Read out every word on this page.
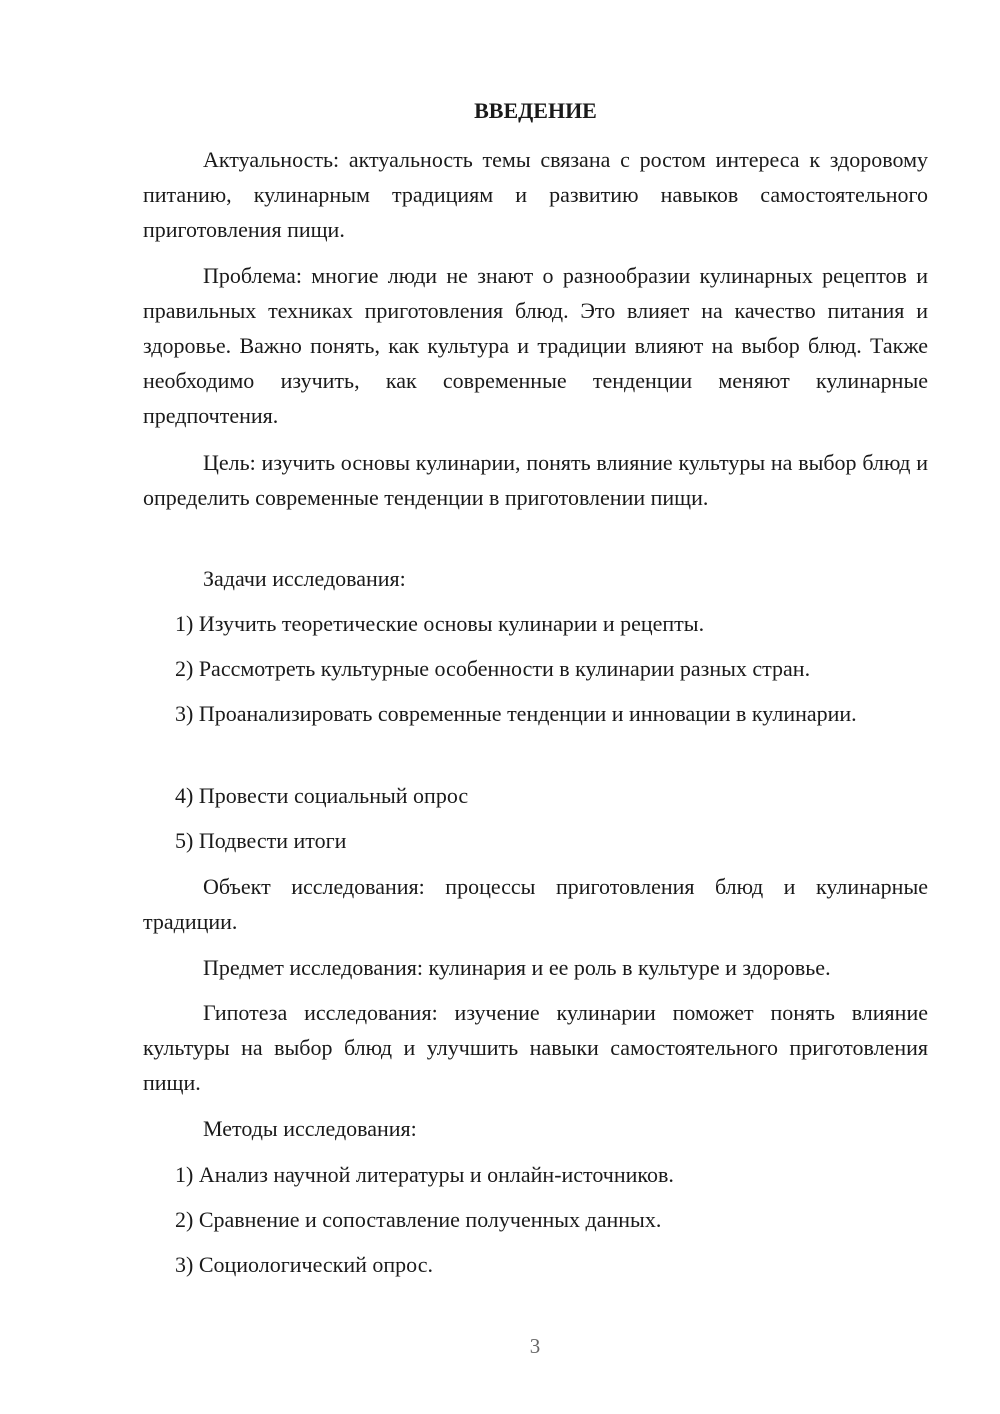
ВВЕДЕНИЕ

Актуальность: актуальность темы связана с ростом интереса к здоровому питанию, кулинарным традициям и развитию навыков самостоятельного приготовления пищи.

Проблема: многие люди не знают о разнообразии кулинарных рецептов и правильных техниках приготовления блюд. Это влияет на качество питания и здоровье. Важно понять, как культура и традиции влияют на выбор блюд. Также необходимо изучить, как современные тенденции меняют кулинарные предпочтения.

Цель: изучить основы кулинарии, понять влияние культуры на выбор блюд и определить современные тенденции в приготовлении пищи.

Задачи исследования:

1) Изучить теоретические основы кулинарии и рецепты.

2) Рассмотреть культурные особенности в кулинарии разных стран.

3) Проанализировать современные тенденции и инновации в кулинарии.

4) Провести социальный опрос

5) Подвести итоги

Объект исследования: процессы приготовления блюд и кулинарные традиции.

Предмет исследования: кулинария и ее роль в культуре и здоровье.

Гипотеза исследования: изучение кулинарии поможет понять влияние культуры на выбор блюд и улучшить навыки самостоятельного приготовления пищи.

Методы исследования:

1) Анализ научной литературы и онлайн-источников.

2) Сравнение и сопоставление полученных данных.

3) Социологический опрос.

3
